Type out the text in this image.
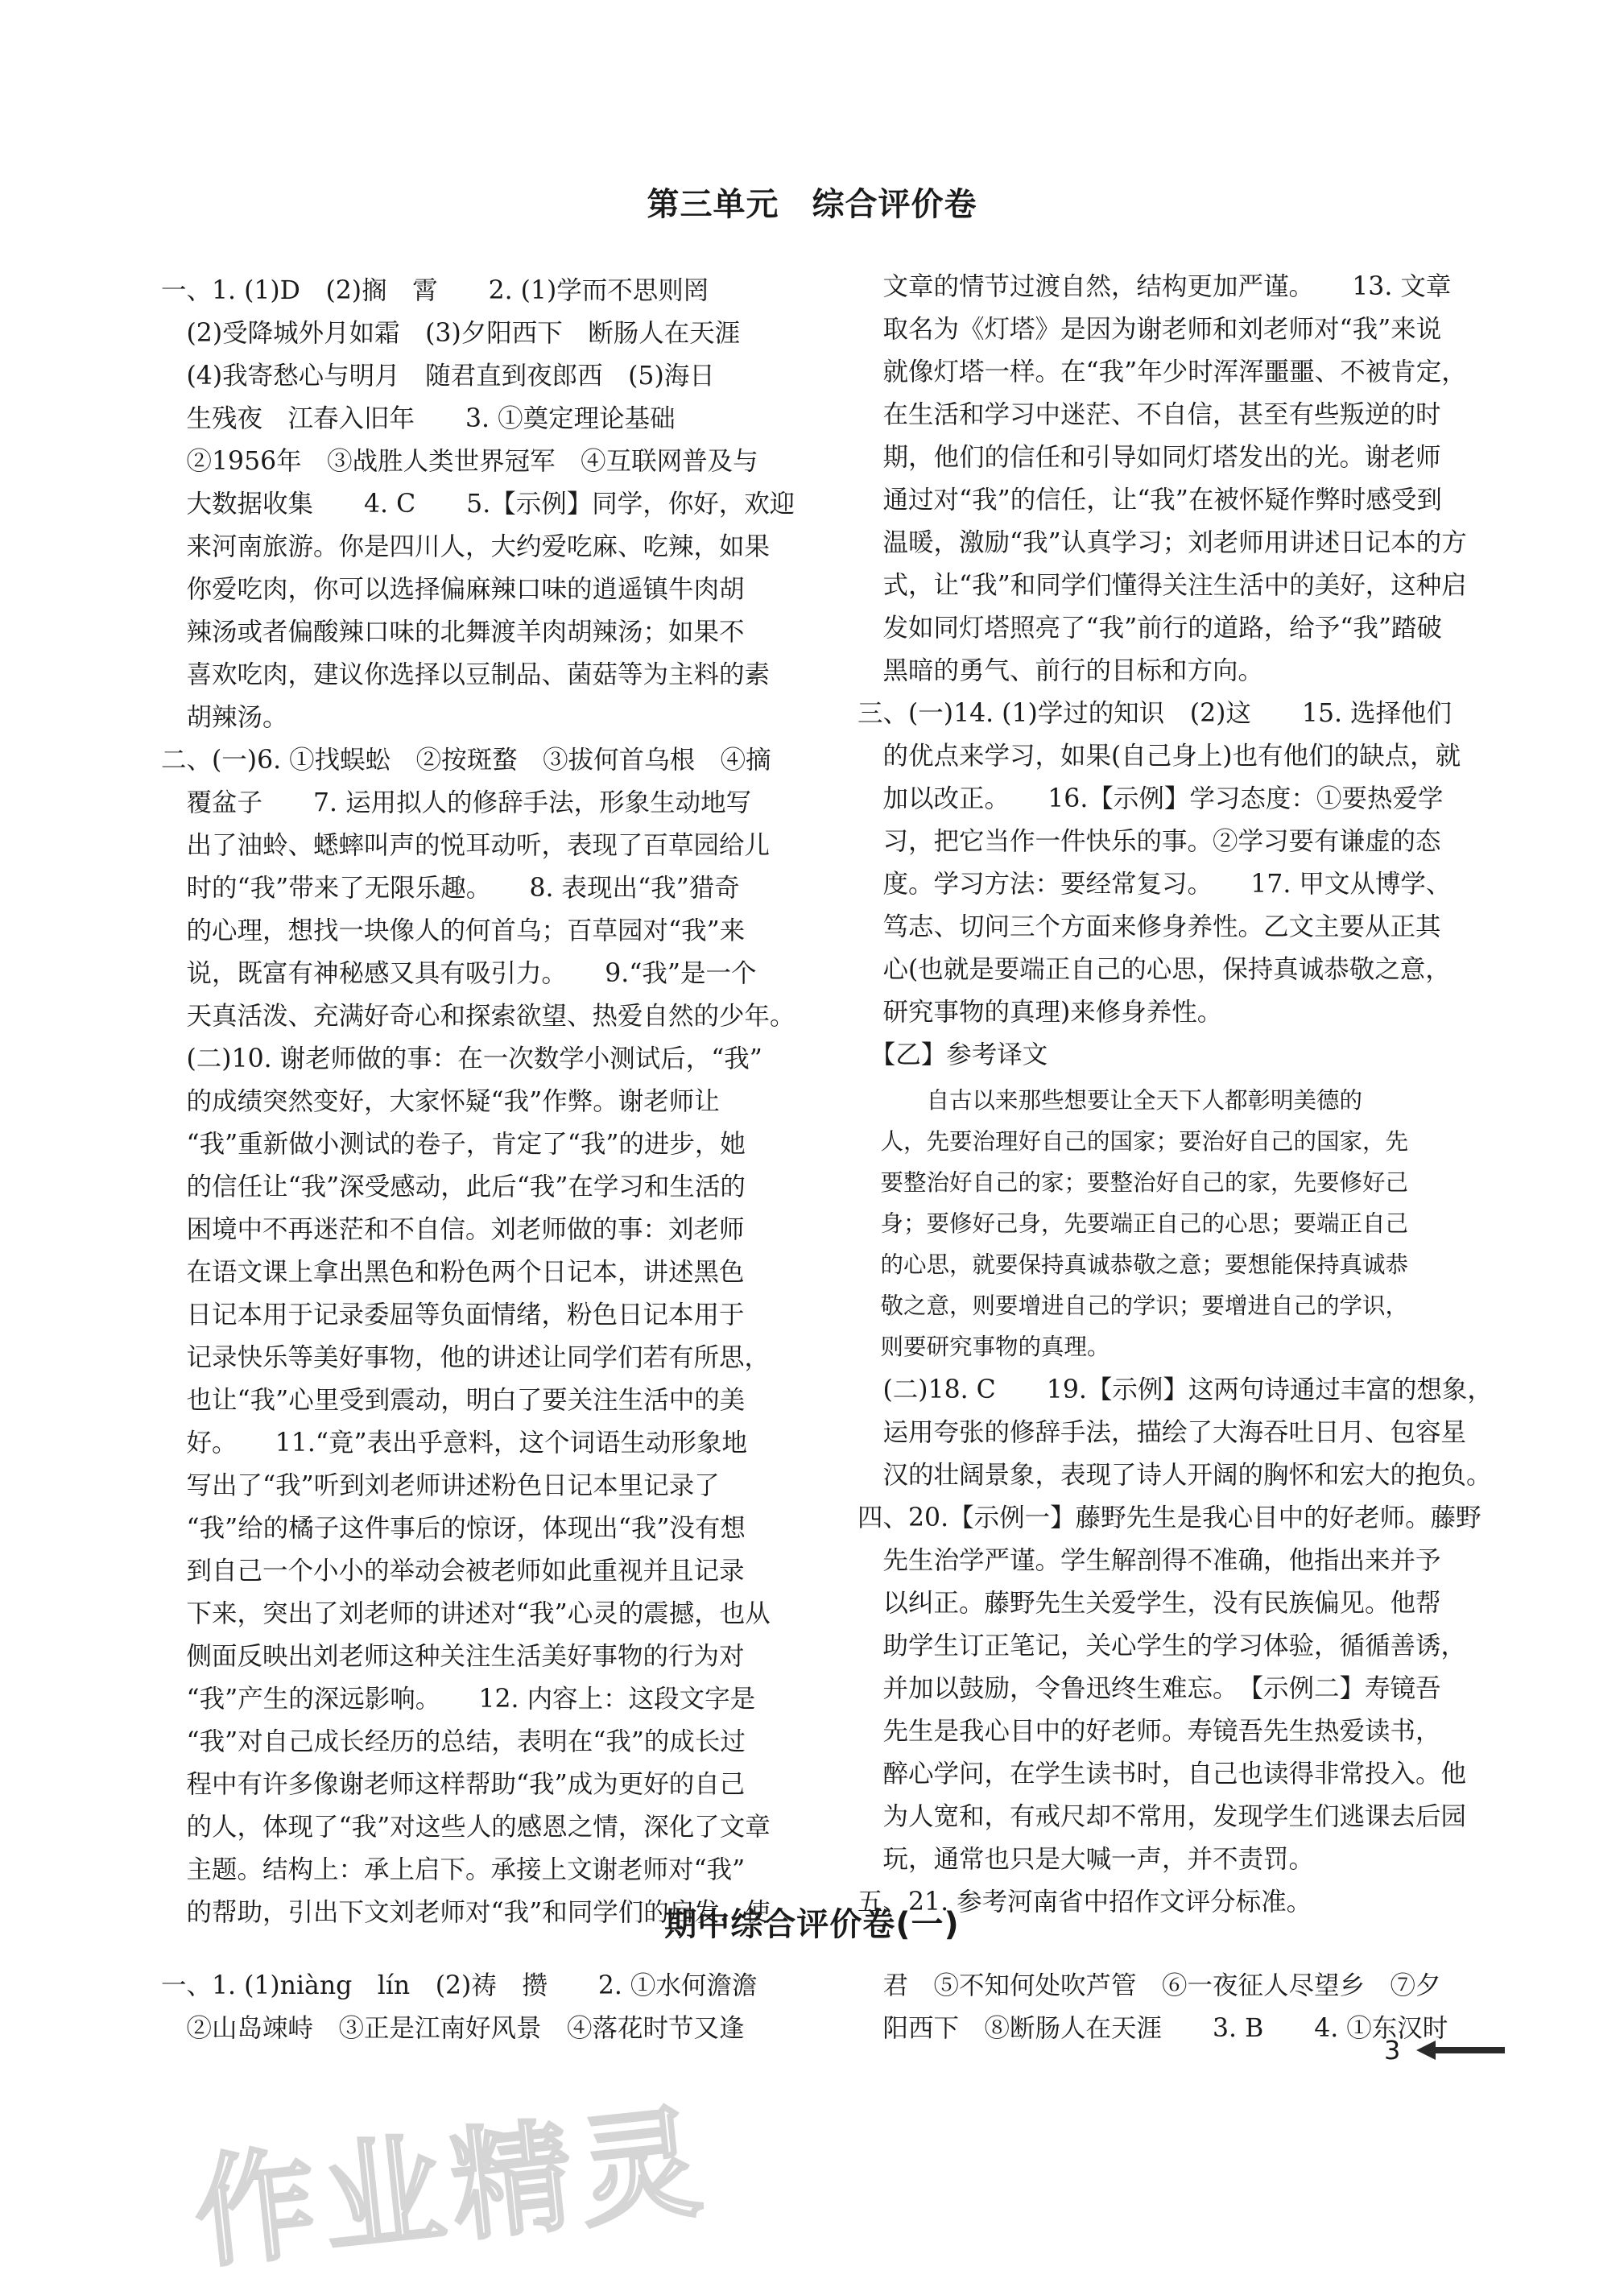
第三单元　综合评价卷

一、1. (1)D　(2)搁　霄　　2. (1)学而不思则罔

　(2)受降城外月如霜　(3)夕阳西下　断肠人在天涯

　(4)我寄愁心与明月　随君直到夜郎西　(5)海日

　生残夜　江春入旧年　　3. ①奠定理论基础

　②1956年　③战胜人类世界冠军　④互联网普及与

　大数据收集　　4. C　　5.【示例】同学，你好，欢迎

　来河南旅游。你是四川人，大约爱吃麻、吃辣，如果

　你爱吃肉，你可以选择偏麻辣口味的逍遥镇牛肉胡

　辣汤或者偏酸辣口味的北舞渡羊肉胡辣汤；如果不

　喜欢吃肉，建议你选择以豆制品、菌菇等为主料的素

　胡辣汤。

二、(一)6. ①找蜈蚣　②按斑蝥　③拔何首乌根　④摘

　覆盆子　　7. 运用拟人的修辞手法，形象生动地写

　出了油蛉、蟋蟀叫声的悦耳动听，表现了百草园给儿

　时的“我”带来了无限乐趣。　　8. 表现出“我”猎奇

　的心理，想找一块像人的何首乌；百草园对“我”来

　说，既富有神秘感又具有吸引力。　　9.“我”是一个

　天真活泼、充满好奇心和探索欲望、热爱自然的少年。

　(二)10. 谢老师做的事：在一次数学小测试后，“我”

　的成绩突然变好，大家怀疑“我”作弊。谢老师让

　“我”重新做小测试的卷子，肯定了“我”的进步，她

　的信任让“我”深受感动，此后“我”在学习和生活的

　困境中不再迷茫和不自信。刘老师做的事：刘老师

　在语文课上拿出黑色和粉色两个日记本，讲述黑色

　日记本用于记录委屈等负面情绪，粉色日记本用于

　记录快乐等美好事物，他的讲述让同学们若有所思，

　也让“我”心里受到震动，明白了要关注生活中的美

　好。　　11.“竟”表出乎意料，这个词语生动形象地

　写出了“我”听到刘老师讲述粉色日记本里记录了

　“我”给的橘子这件事后的惊讶，体现出“我”没有想

　到自己一个小小的举动会被老师如此重视并且记录

　下来，突出了刘老师的讲述对“我”心灵的震撼，也从

　侧面反映出刘老师这种关注生活美好事物的行为对

　“我”产生的深远影响。　　12. 内容上：这段文字是

　“我”对自己成长经历的总结，表明在“我”的成长过

　程中有许多像谢老师这样帮助“我”成为更好的自己

　的人，体现了“我”对这些人的感恩之情，深化了文章

　主题。结构上：承上启下。承接上文谢老师对“我”

　的帮助，引出下文刘老师对“我”和同学们的启发，使

　文章的情节过渡自然，结构更加严谨。　　13. 文章

　取名为《灯塔》是因为谢老师和刘老师对“我”来说

　就像灯塔一样。在“我”年少时浑浑噩噩、不被肯定，

　在生活和学习中迷茫、不自信，甚至有些叛逆的时

　期，他们的信任和引导如同灯塔发出的光。谢老师

　通过对“我”的信任，让“我”在被怀疑作弊时感受到

　温暖，激励“我”认真学习；刘老师用讲述日记本的方

　式，让“我”和同学们懂得关注生活中的美好，这种启

　发如同灯塔照亮了“我”前行的道路，给予“我”踏破

　黑暗的勇气、前行的目标和方向。

三、(一)14. (1)学过的知识　(2)这　　15. 选择他们

　的优点来学习，如果(自己身上)也有他们的缺点，就

　加以改正。　　16.【示例】学习态度：①要热爱学

　习，把它当作一件快乐的事。②学习要有谦虚的态

　度。学习方法：要经常复习。　　17. 甲文从博学、

　笃志、切问三个方面来修身养性。乙文主要从正其

　心(也就是要端正自己的心思，保持真诚恭敬之意，

　研究事物的真理)来修身养性。

　【乙】参考译文

　　　自古以来那些想要让全天下人都彰明美德的

　人，先要治理好自己的国家；要治好自己的国家，先

　要整治好自己的家；要整治好自己的家，先要修好己

　身；要修好己身，先要端正自己的心思；要端正自己

　的心思，就要保持真诚恭敬之意；要想能保持真诚恭

　敬之意，则要增进自己的学识；要增进自己的学识，

　则要研究事物的真理。

　(二)18. C　　19.【示例】这两句诗通过丰富的想象，

　运用夸张的修辞手法，描绘了大海吞吐日月、包容星

　汉的壮阔景象，表现了诗人开阔的胸怀和宏大的抱负。

四、20.【示例一】藤野先生是我心目中的好老师。藤野

　先生治学严谨。学生解剖得不准确，他指出来并予

　以纠正。藤野先生关爱学生，没有民族偏见。他帮

　助学生订正笔记，关心学生的学习体验，循循善诱，

　并加以鼓励，令鲁迅终生难忘。　【示例二】寿镜吾

　先生是我心目中的好老师。寿镜吾先生热爱读书，

　醉心学问，在学生读书时，自己也读得非常投入。他

　为人宽和，有戒尺却不常用，发现学生们逃课去后园

　玩，通常也只是大喊一声，并不责罚。

五、21. 参考河南省中招作文评分标准。

期中综合评价卷(一)

一、1. (1)niàng　lín　(2)祷　攒　　2. ①水何澹澹

　②山岛竦峙　③正是江南好风景　④落花时节又逢

　君　⑤不知何处吹芦管　⑥一夜征人尽望乡　⑦夕

　阳西下　⑧断肠人在天涯　　3. B　　4. ①东汉时

3
作业精灵
